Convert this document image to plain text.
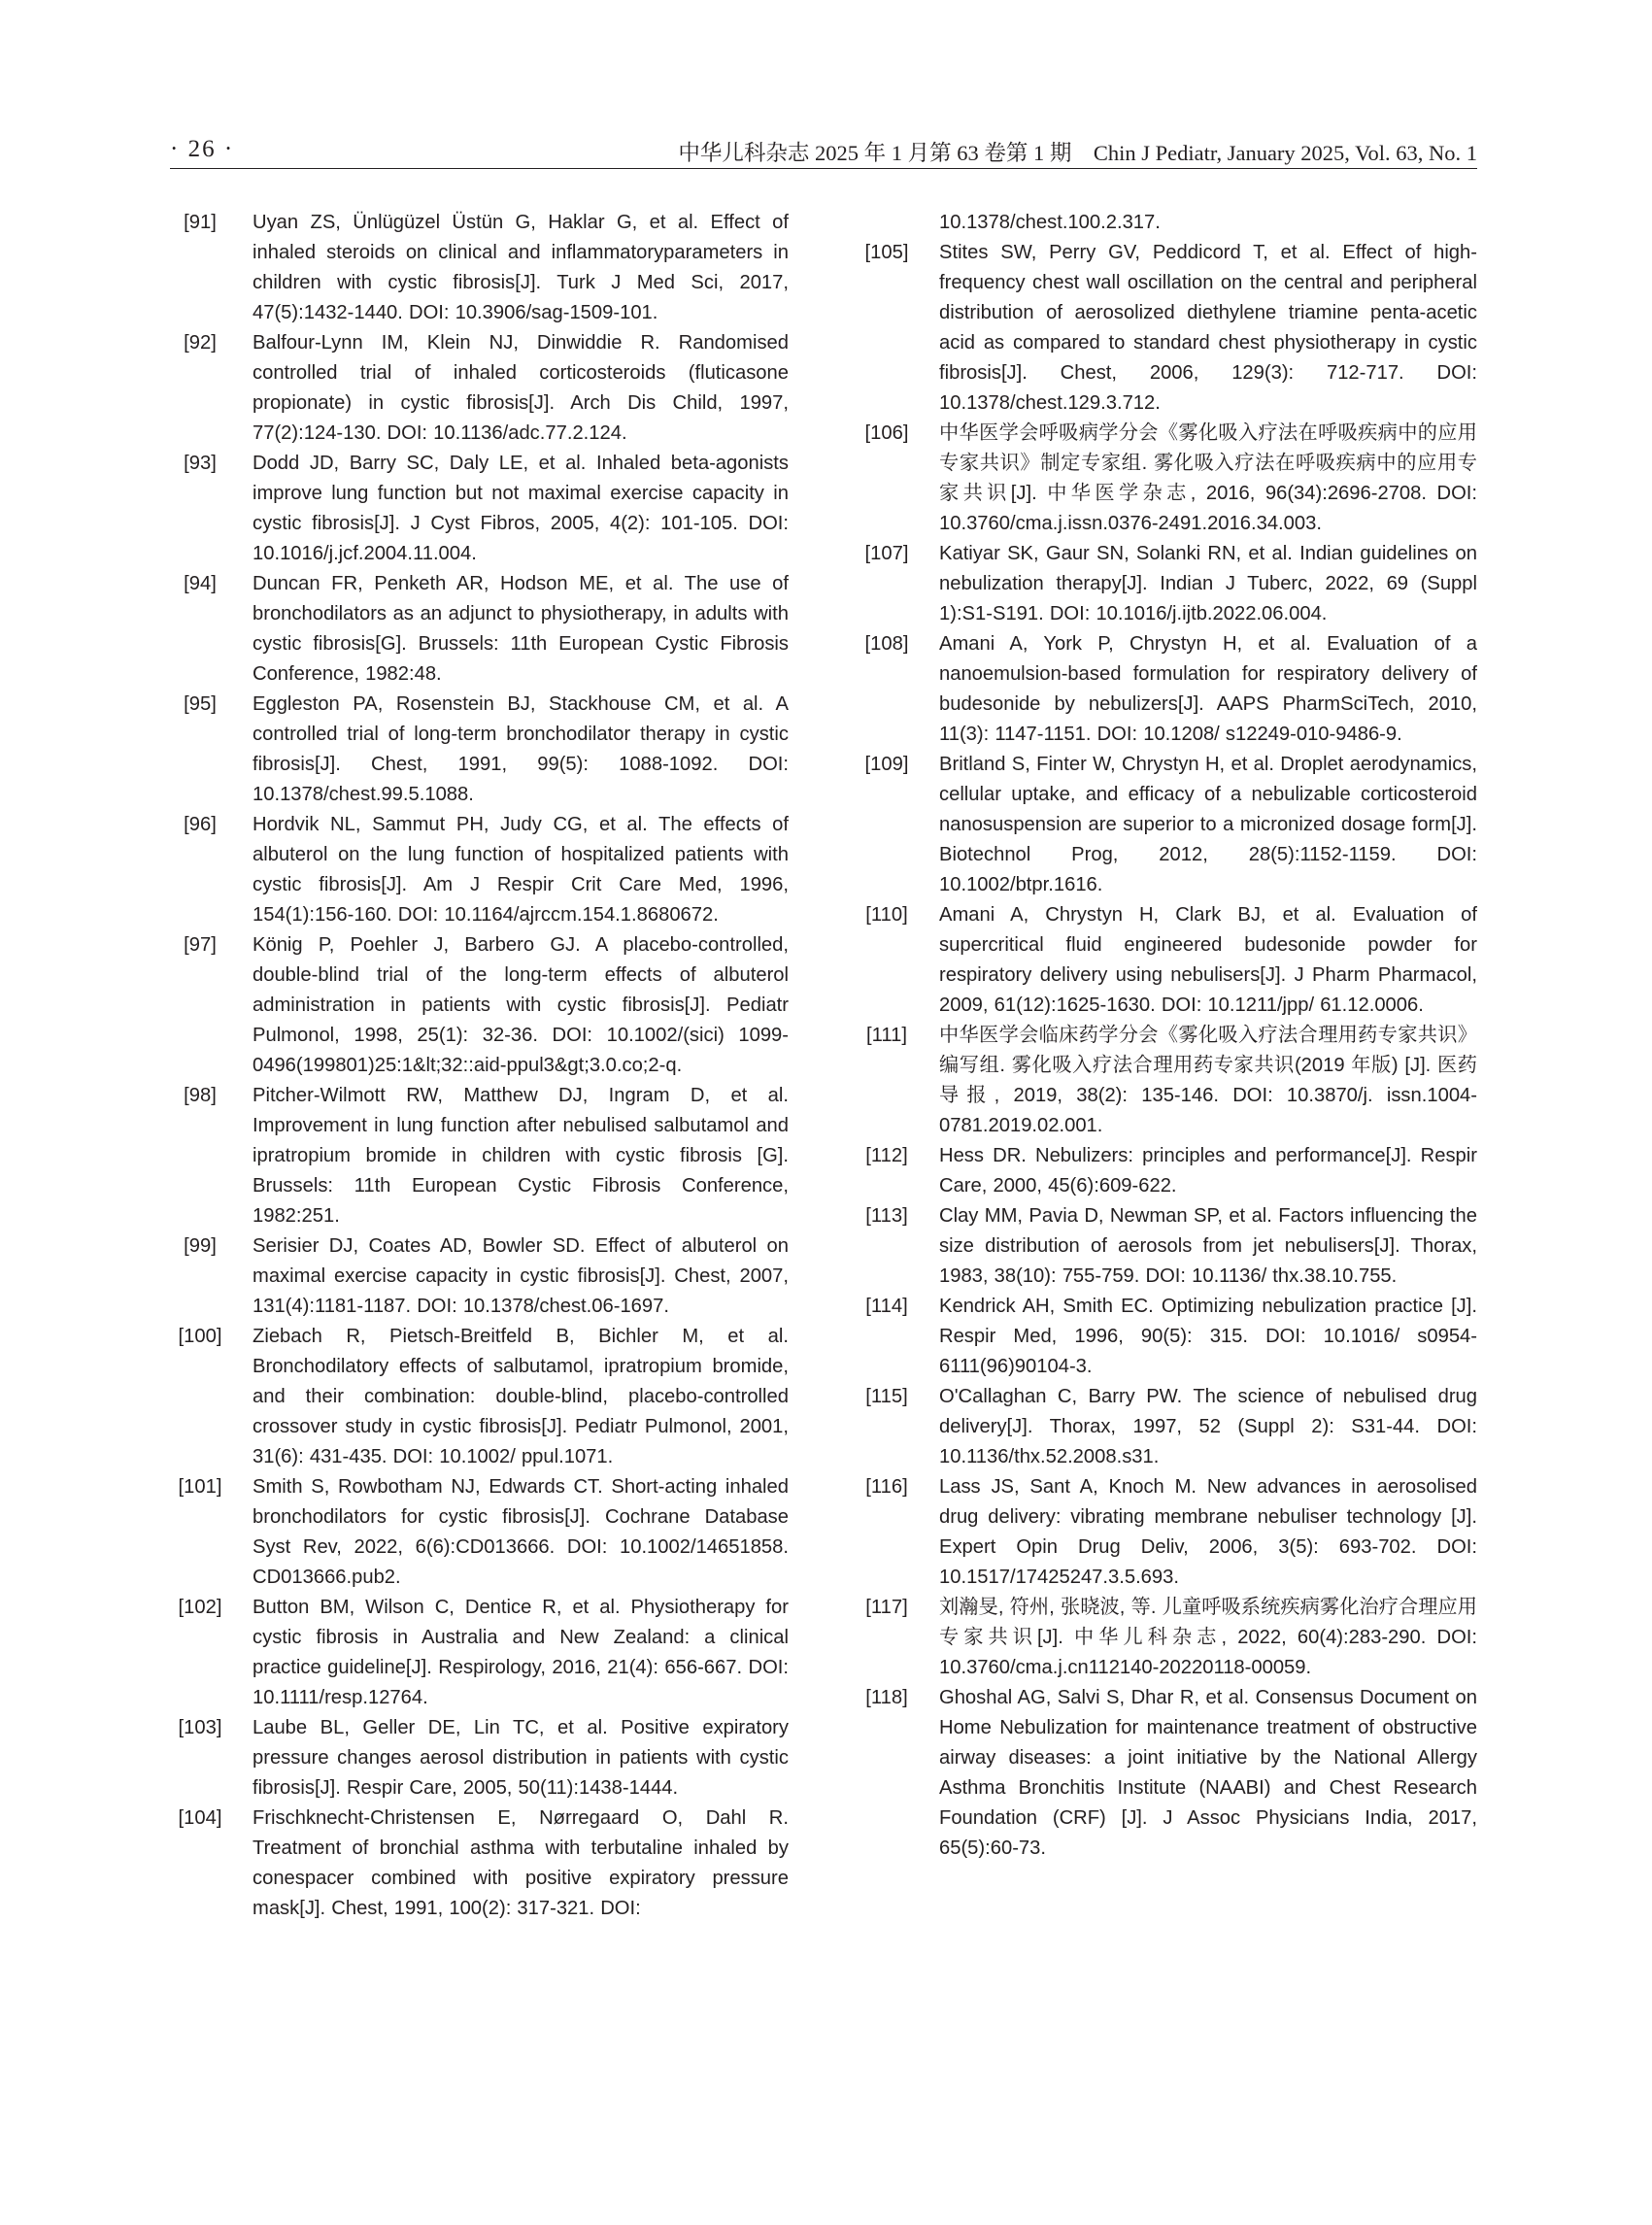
· 26 ·	中华儿科杂志 2025 年 1 月第 63 卷第 1 期　Chin J Pediatr, January 2025, Vol. 63, No. 1
[91]	Uyan ZS, Ünlügüzel Üstün G, Haklar G, et al. Effect of inhaled steroids on clinical and inflammatoryparameters in children with cystic fibrosis[J]. Turk J Med Sci, 2017, 47(5):1432-1440. DOI: 10.3906/sag-1509-101.
[92]	Balfour-Lynn IM, Klein NJ, Dinwiddie R. Randomised controlled trial of inhaled corticosteroids (fluticasone propionate) in cystic fibrosis[J]. Arch Dis Child, 1997, 77(2):124-130. DOI: 10.1136/adc.77.2.124.
[93]	Dodd JD, Barry SC, Daly LE, et al. Inhaled beta-agonists improve lung function but not maximal exercise capacity in cystic fibrosis[J]. J Cyst Fibros, 2005, 4(2): 101-105. DOI: 10.1016/j.jcf.2004.11.004.
[94]	Duncan FR, Penketh AR, Hodson ME, et al. The use of bronchodilators as an adjunct to physiotherapy, in adults with cystic fibrosis[G]. Brussels: 11th European Cystic Fibrosis Conference, 1982:48.
[95]	Eggleston PA, Rosenstein BJ, Stackhouse CM, et al. A controlled trial of long-term bronchodilator therapy in cystic fibrosis[J]. Chest, 1991, 99(5): 1088-1092. DOI: 10.1378/chest.99.5.1088.
[96]	Hordvik NL, Sammut PH, Judy CG, et al. The effects of albuterol on the lung function of hospitalized patients with cystic fibrosis[J]. Am J Respir Crit Care Med, 1996, 154(1):156-160. DOI: 10.1164/ajrccm.154.1.8680672.
[97]	König P, Poehler J, Barbero GJ. A placebo-controlled, double-blind trial of the long-term effects of albuterol administration in patients with cystic fibrosis[J]. Pediatr Pulmonol, 1998, 25(1): 32-36. DOI: 10.1002/(sici) 1099-0496(199801)25:1&lt;32::aid-ppul3&gt;3.0.co;2-q.
[98]	Pitcher-Wilmott RW, Matthew DJ, Ingram D, et al. Improvement in lung function after nebulised salbutamol and ipratropium bromide in children with cystic fibrosis [G]. Brussels: 11th European Cystic Fibrosis Conference, 1982:251.
[99]	Serisier DJ, Coates AD, Bowler SD. Effect of albuterol on maximal exercise capacity in cystic fibrosis[J]. Chest, 2007, 131(4):1181-1187. DOI: 10.1378/chest.06-1697.
[100] Ziebach R, Pietsch-Breitfeld B, Bichler M, et al. Bronchodilatory effects of salbutamol, ipratropium bromide, and their combination: double-blind, placebo-controlled crossover study in cystic fibrosis[J]. Pediatr Pulmonol, 2001, 31(6): 431-435. DOI: 10.1002/ ppul.1071.
[101] Smith S, Rowbotham NJ, Edwards CT. Short-acting inhaled bronchodilators for cystic fibrosis[J]. Cochrane Database Syst Rev, 2022, 6(6):CD013666. DOI: 10.1002/14651858. CD013666.pub2.
[102] Button BM, Wilson C, Dentice R, et al. Physiotherapy for cystic fibrosis in Australia and New Zealand: a clinical practice guideline[J]. Respirology, 2016, 21(4): 656-667. DOI: 10.1111/resp.12764.
[103] Laube BL, Geller DE, Lin TC, et al. Positive expiratory pressure changes aerosol distribution in patients with cystic fibrosis[J]. Respir Care, 2005, 50(11):1438-1444.
[104] Frischknecht-Christensen E, Nørregaard O, Dahl R. Treatment of bronchial asthma with terbutaline inhaled by conespacer combined with positive expiratory pressure mask[J]. Chest, 1991, 100(2): 317-321. DOI:
10.1378/chest.100.2.317.
[105] Stites SW, Perry GV, Peddicord T, et al. Effect of high-frequency chest wall oscillation on the central and peripheral distribution of aerosolized diethylene triamine penta-acetic acid as compared to standard chest physiotherapy in cystic fibrosis[J]. Chest, 2006, 129(3): 712-717. DOI: 10.1378/chest.129.3.712.
[106] 中华医学会呼吸病学分会《雾化吸入疗法在呼吸疾病中的应用专家共识》制定专家组. 雾化吸入疗法在呼吸疾病中的应用专家共识[J]. 中华医学杂志, 2016, 96(34):2696-2708. DOI: 10.3760/cma.j.issn.0376-2491.2016.34.003.
[107] Katiyar SK, Gaur SN, Solanki RN, et al. Indian guidelines on nebulization therapy[J]. Indian J Tuberc, 2022, 69 (Suppl 1):S1-S191. DOI: 10.1016/j.ijtb.2022.06.004.
[108] Amani A, York P, Chrystyn H, et al. Evaluation of a nanoemulsion-based formulation for respiratory delivery of budesonide by nebulizers[J]. AAPS PharmSciTech, 2010, 11(3): 1147-1151. DOI: 10.1208/ s12249-010-9486-9.
[109] Britland S, Finter W, Chrystyn H, et al. Droplet aerodynamics, cellular uptake, and efficacy of a nebulizable corticosteroid nanosuspension are superior to a micronized dosage form[J]. Biotechnol Prog, 2012, 28(5):1152-1159. DOI: 10.1002/btpr.1616.
[110]	Amani A, Chrystyn H, Clark BJ, et al. Evaluation of supercritical fluid engineered budesonide powder for respiratory delivery using nebulisers[J]. J Pharm Pharmacol, 2009, 61(12):1625-1630. DOI: 10.1211/jpp/ 61.12.0006.
[111]	中华医学会临床药学分会《雾化吸入疗法合理用药专家共识》编写组. 雾化吸入疗法合理用药专家共识(2019 年版) [J]. 医药导报, 2019, 38(2): 135-146. DOI: 10.3870/j. issn.1004-0781.2019.02.001.
[112]	Hess DR. Nebulizers: principles and performance[J]. Respir Care, 2000, 45(6):609-622.
[113]	Clay MM, Pavia D, Newman SP, et al. Factors influencing the size distribution of aerosols from jet nebulisers[J]. Thorax, 1983, 38(10): 755-759. DOI: 10.1136/ thx.38.10.755.
[114]	Kendrick AH, Smith EC. Optimizing nebulization practice [J]. Respir Med, 1996, 90(5): 315. DOI: 10.1016/ s0954-6111(96)90104-3.
[115]	O'Callaghan C, Barry PW. The science of nebulised drug delivery[J]. Thorax, 1997, 52 (Suppl 2): S31-44. DOI: 10.1136/thx.52.2008.s31.
[116]	Lass JS, Sant A, Knoch M. New advances in aerosolised drug delivery: vibrating membrane nebuliser technology [J]. Expert Opin Drug Deliv, 2006, 3(5): 693-702. DOI: 10.1517/17425247.3.5.693.
[117]	刘瀚旻, 符州, 张晓波, 等. 儿童呼吸系统疾病雾化治疗合理应用专家共识[J]. 中华儿科杂志, 2022, 60(4):283-290. DOI: 10.3760/cma.j.cn112140-20220118-00059.
[118]	Ghoshal AG, Salvi S, Dhar R, et al. Consensus Document on Home Nebulization for maintenance treatment of obstructive airway diseases: a joint initiative by the National Allergy Asthma Bronchitis Institute (NAABI) and Chest Research Foundation (CRF) [J]. J Assoc Physicians India, 2017, 65(5):60-73.
